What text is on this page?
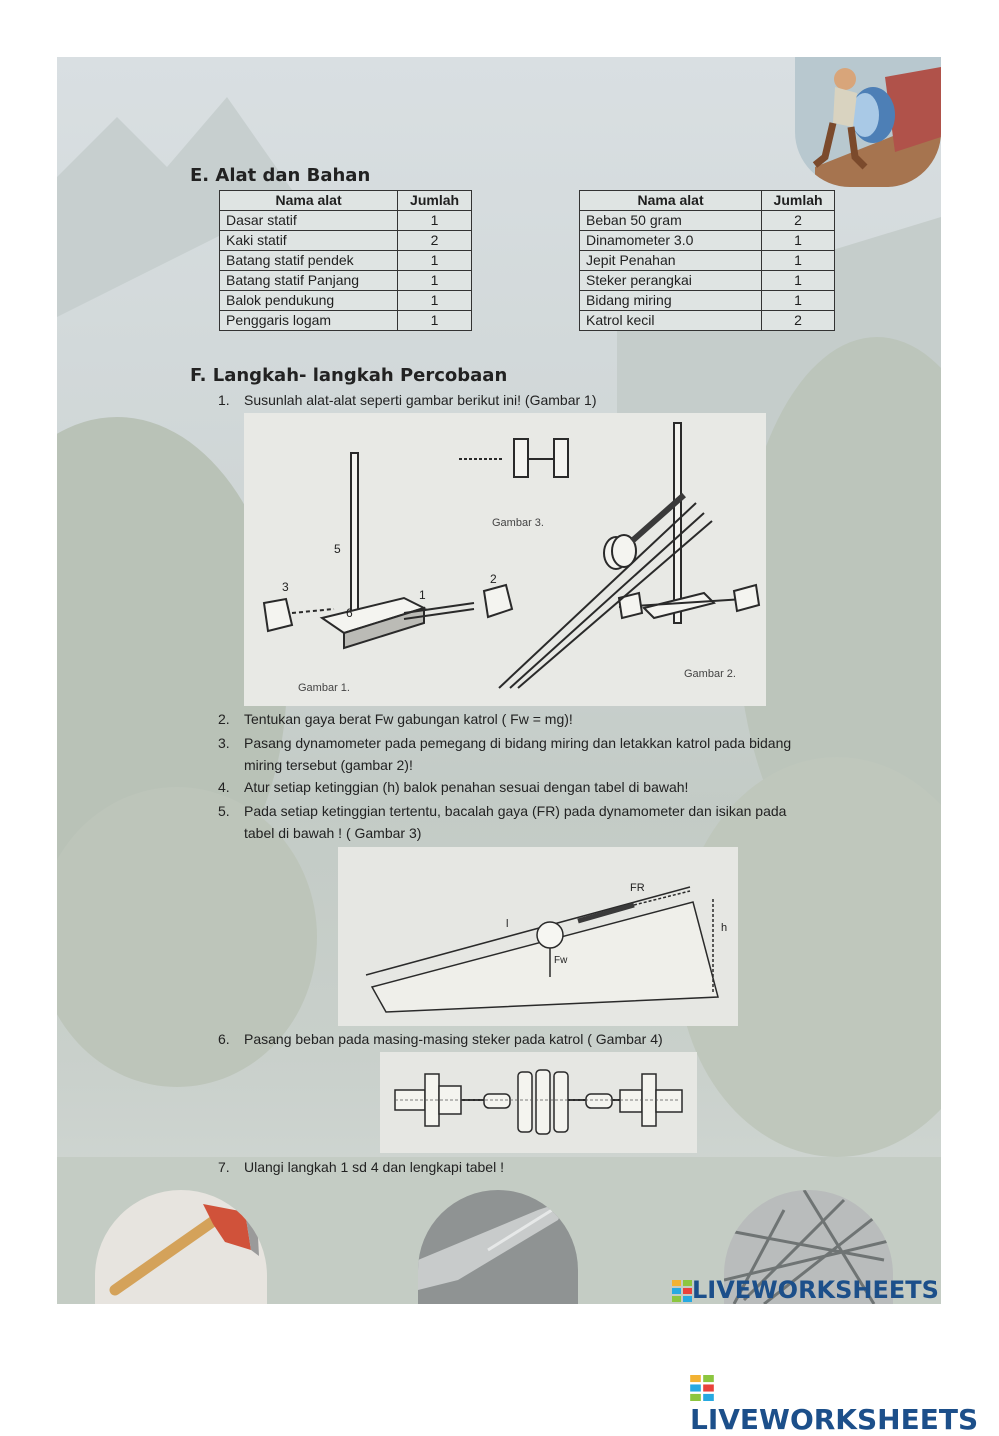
E. Alat dan Bahan
Nama alat	Jumlah
Dasar statif	1
Kaki statif	2
Batang statif pendek	1
Batang statif Panjang	1
Balok pendukung	1
Penggaris logam	1
Nama alat	Jumlah
Beban 50 gram	2
Dinamometer 3.0	1
Jepit Penahan	1
Steker perangkai	1
Bidang miring	1
Katrol kecil	2
F. Langkah- langkah Percobaan
1. Susunlah alat-alat seperti gambar berikut ini! (Gambar 1)
Gambar 1.
Gambar 2.
Gambar 3.
5
6
3
2
1
2. Tentukan gaya berat Fw gabungan katrol ( Fw = mg)!
3. Pasang dynamometer pada pemegang di bidang miring dan letakkan katrol pada bidang
miring tersebut (gambar 2)!
4. Atur setiap ketinggian (h) balok penahan sesuai dengan tabel di bawah!
5. Pada setiap ketinggian tertentu, bacalah gaya (FR) pada dynamometer dan isikan pada
tabel di bawah ! ( Gambar 3)
FR
Fw
l	h
6. Pasang beban pada masing-masing steker pada katrol ( Gambar 4)
7. Ulangi langkah 1 sd 4 dan lengkapi tabel !
LIVEWORKSHEETS
LIVEWORKSHEETS
